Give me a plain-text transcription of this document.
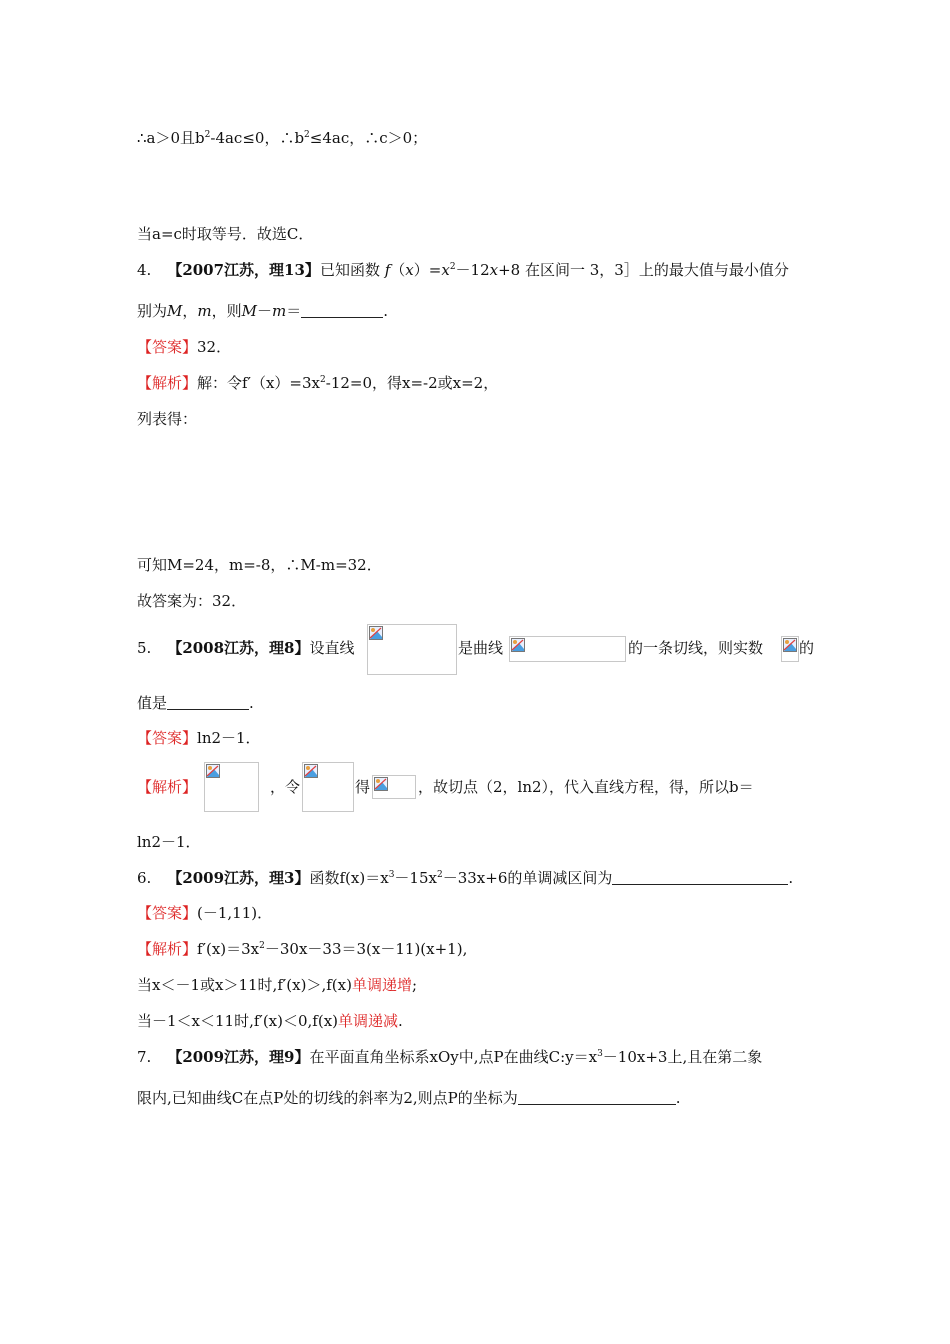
∴a＞0且$b^2-4ac\le 0$，$\therefore b^2\le 4ac$，∴c＞0；
当a=c时取等号．故选C．
4. 【2007江苏，理13】已知函数 $f(x)=x^2-12x+8$ 在区间一 3，3］上的最大值与最小值分
别为M，m，则M－m＝	.
【答案】32．
【解析】解：令$f'(x)=3x^2-12=0$，得x=-2或x=2，
列表得：
可知M=24，m=-8，∴M-m=32．
故答案为：32．
5. 【2008江苏，理8】设直线	是曲线	的一条切线，则实数 的
值是	.
【答案】ln2－1．
【解析】	，令	得	，故切点（2，ln2），代入直线方程，得，所以b＝
ln2－1．
6. 【2009江苏，理3】函数$f(x)=x^3-15x^2-33x+6$的单调减区间为	.
【答案】(－1,11)．
【解析】$f'(x)=3x^2-30x-33=3(x-11)(x+1)$,
当x＜－1或x＞11时,f′(x)＞,f(x)单调递增;
当－1＜x＜11时,f′(x)＜0,f(x)单调递减.
7. 【2009江苏，理9】在平面直角坐标系xOy中,点P在曲线$C:y=x^3-10x+3$上,且在第二象
限内,已知曲线C在点P处的切线的斜率为2,则点P的坐标为	.
